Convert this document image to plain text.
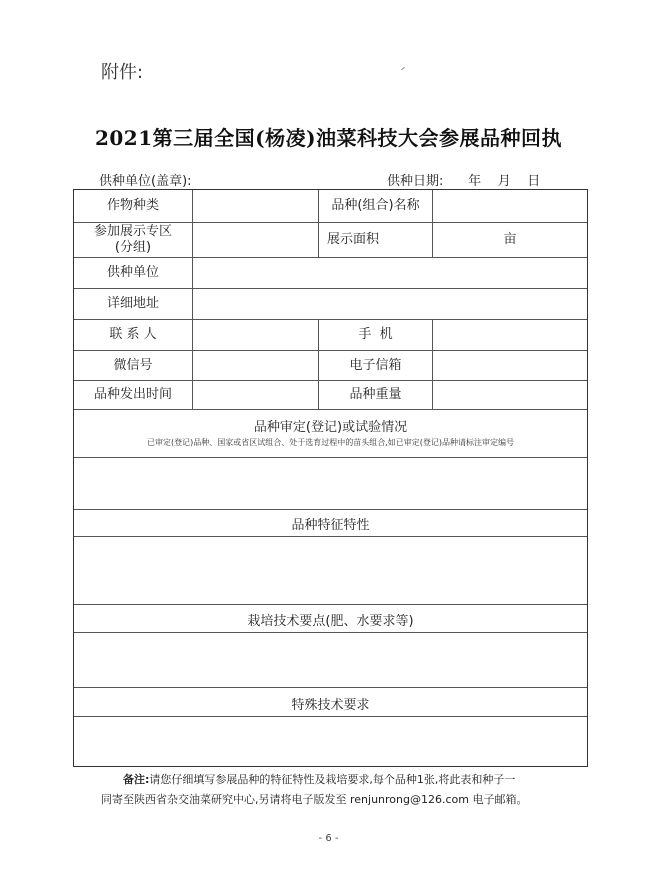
附件:
2021第三届全国(杨凌)油菜科技大会参展品种回执
供种单位(盖章):	供种日期:      年    月    日
作物种类	品种(组合)名称
参加展示专区
(分组)
展示面积	亩
供种单位
详细地址
联 系 人	手  机
微信号	电子信箱
品种发出时间	品种重量
品种审定(登记)或试验情况
已审定(登记)品种、国家或省区试组合、处于选育过程中的苗头组合,如已审定(登记)品种请标注审定编号
品种特征特性
栽培技术要点(肥、水要求等)
特殊技术要求
备注:请您仔细填写参展品种的特征特性及栽培要求,每个品种1张,将此表和种子一
同寄至陕西省杂交油菜研究中心,另请将电子版发至 renjunrong@126.com 电子邮箱。
- 6 -
